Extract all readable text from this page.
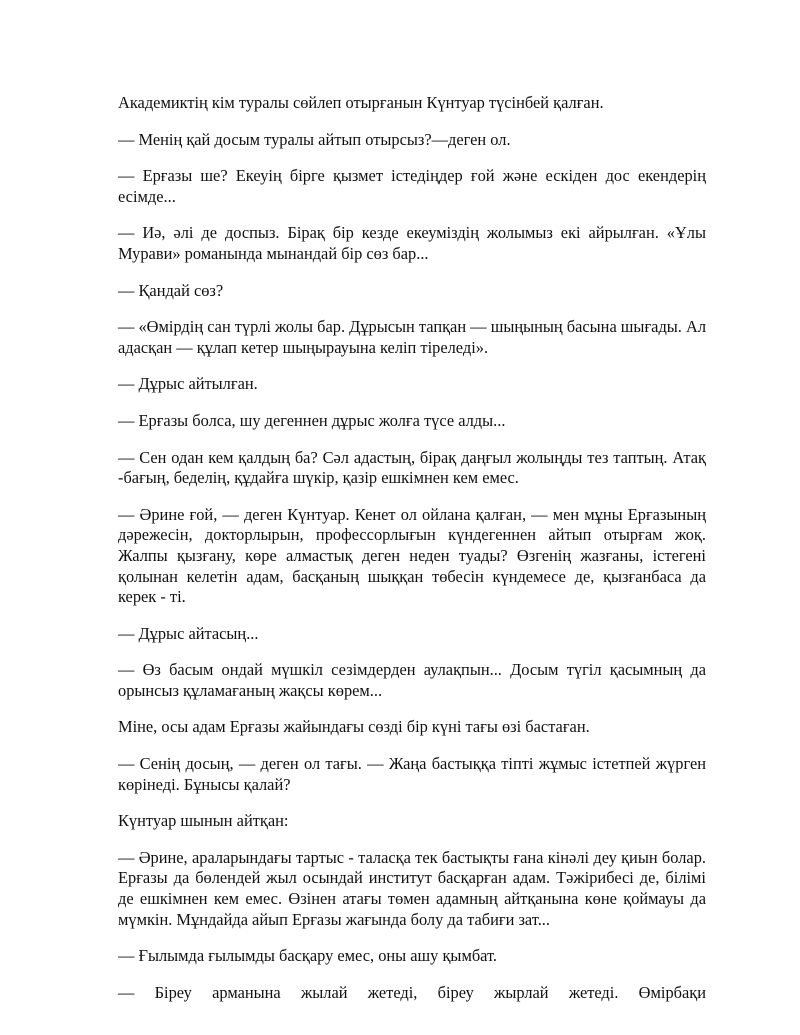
Академиктің кім туралы сөйлеп отырғанын Күнтуар түсінбей қалған.

— Менің қай досым туралы айтып отырсыз?—деген ол.

— Ерғазы ше? Екеуің бірге қызмет істедіңдер ғой және ескіден дос екендерің есімде...

— Иә, әлі де доспыз. Бірақ бір кезде екеуміздің жолымыз екі айрылған. «Ұлы Мурави» романында мынандай бір сөз бар...

— Қандай сөз?

— «Өмірдің сан түрлі жолы бар. Дұрысын тапқан — шыңының басына шығады. Ал адасқан — құлап кетер шыңырауына келіп тіреледі».

— Дұрыс айтылған.

— Ерғазы болса, шу дегеннен дұрыс жолға түсе алды...

— Сен одан кем қалдың ба? Сәл адастың, бірақ даңғыл жолыңды тез таптың. Атақ -бағың, беделің, құдайға шүкір, қазір ешкімнен кем емес.

— Әрине ғой, — деген Күнтуар. Кенет ол ойлана қалған, — мен мұны Ерғазының дәрежесін, докторлырын, профессорлығын күндегеннен айтып отырғам жоқ. Жалпы қызғану, көре алмастық деген неден туады? Өзгенің жазғаны, істегені қолынан келетін адам, басқаның шыққан төбесін күндемесе де, қызғанбаса да керек - ті.

— Дұрыс айтасың...

— Өз басым ондай мүшкіл сезімдерден аулақпын... Досым түгіл қасымның да орынсыз құламағаның жақсы көрем...

Міне, осы адам Ерғазы жайындағы сөзді бір күні тағы өзі бастаған.

— Сенің досың, — деген ол тағы. — Жаңа бастыққа тіпті жұмыс істетпей жүрген көрінеді. Бұнысы қалай?

Күнтуар шынын айтқан:

— Әрине, араларындағы тартыс - таласқа тек бастықты ғана кінәлі деу қиын болар. Ерғазы да бөлендей жыл осындай институт басқарған адам. Тәжірибесі де, білімі де ешкімнен кем емес. Өзінен атағы төмен адамның айтқанына көне қоймауы да мүмкін. Мұндайда айып Ерғазы жағында болу да табиғи зат...

— Ғылымда ғылымды басқару емес, оны ашу қымбат.

— Біреу арманына жылай жетеді, біреу жырлай жетеді. Өмірбақи
